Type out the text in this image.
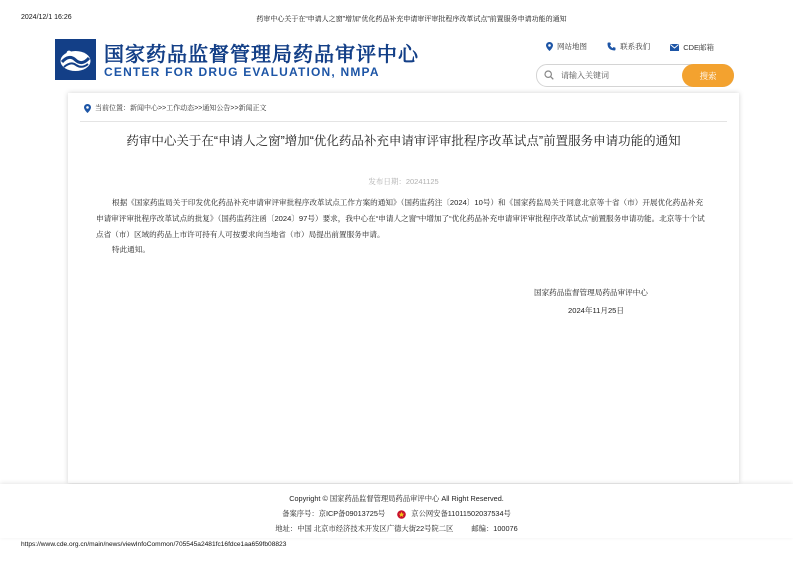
2024/12/1 16:26	药审中心关于在“申请人之窗”增加“优化药品补充申请审评审批程序改革试点”前置服务申请功能的通知
国家药品监督管理局药品审评中心
CENTER FOR DRUG EVALUATION, NMPA
网站地图
	联系我们
	CDE邮箱
请输入关键词
搜索
当前位置： 新闻中心 >> 工作动态 >> 通知公告 >> 新闻正文
药审中心关于在“申请人之窗”增加“优化药品补充申请审评审批程序改革试点”前置服务申请功能的通知
发布日期：20241125

根据《国家药监局关于印发优化药品补充申请审评审批程序改革试点工作方案的通知》（国药监药注〔2024〕10号）和《国家药监局关于同意北京等十省（市）开展优化药品补充申请审评审批程序改革试点的批复》（国药监药注函〔2024〕97号）要求，我中心在“申请人之窗”中增加了“优化药品补充申请审评审批程序改革试点”前置服务申请功能。北京等十个试点省（市）区域的药品上市许可持有人可按要求向当地省（市）局提出前置服务申请。

特此通知。

国家药品监督管理局药品审评中心
2024年11月25日
Copyright © 国家药品监督管理局药品审评中心 All Right Reserved.
备案序号：京ICP备09013725号	京公网安备11011502037534号
地址：中国 北京市经济技术开发区广德大街22号院二区 邮编：100076
https://www.cde.org.cn/main/news/viewInfoCommon/705545a2481fc16fdce1aa659fb08823
